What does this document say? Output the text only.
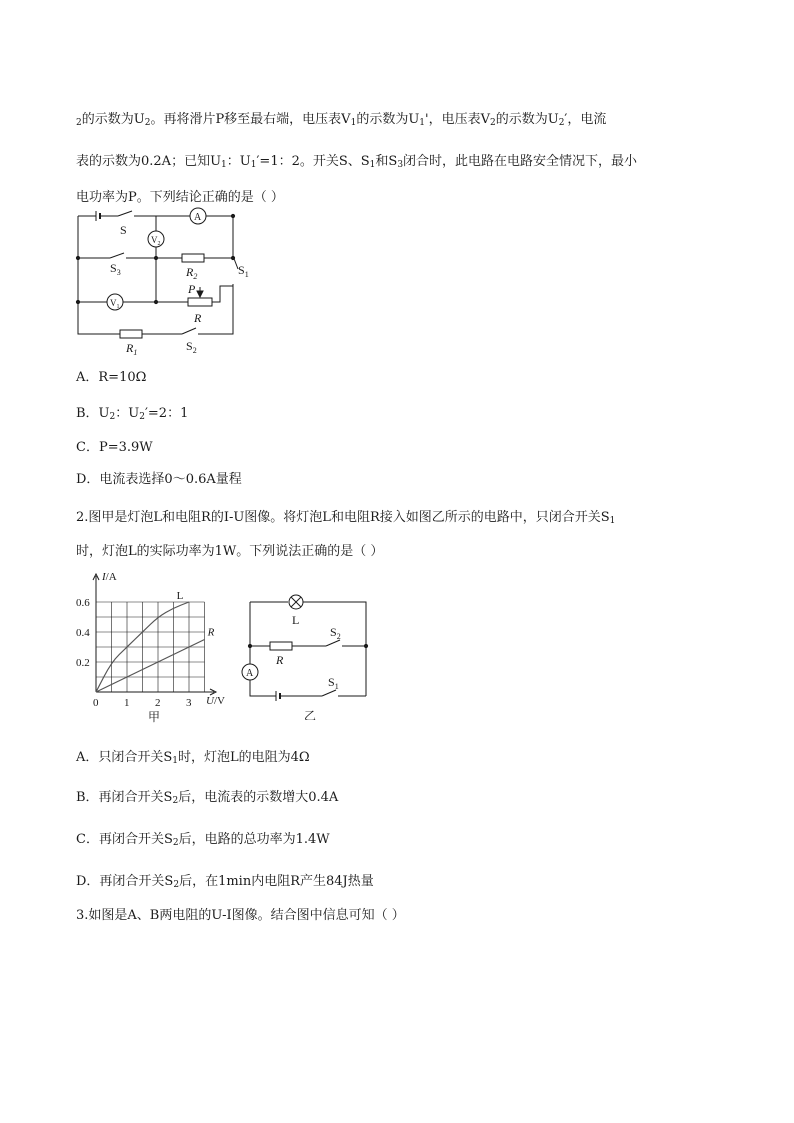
$_2$的示数为$U_2$。再将滑片P移至最右端，电压表$V_1$的示数为$U_1'$，电压表$V_2$的示数为$U_2'$，电流
表的示数为0.2A；已知$U_1$：$U_1'=1$：2。开关S、$S_1$和$S_3$闭合时，此电路在电路安全情况下，最小
电功率为P。下列结论正确的是（ ）
S
A
$V_2$
$S_3$	$R_2$	$S_1$
$V_1$
P
R
$R_1$	$S_2$
A．R=10Ω
B．$U_2$：$U_2'=2$：1
C．P=3.9W
D．电流表选择0～0.6A量程
2.图甲是灯泡L和电阻R的I-U图像。将灯泡L和电阻R接入如图乙所示的电路中，只闭合开关$S_1$
时，灯泡L的实际功率为1W。下列说法正确的是（ ）
L
R
0.6
0.4
0.2
0 1 2 3
I/A
U/V
甲
L
R
A
$S_2$
$S_1$
乙
A．只闭合开关$S_1$时，灯泡L的电阻为4Ω
B．再闭合开关$S_2$后，电流表的示数增大0.4A
C．再闭合开关$S_2$后，电路的总功率为1.4W
D．再闭合开关$S_2$后，在1min内电阻R产生84J热量
3.如图是A、B两电阻的U-I图像。结合图中信息可知（ ）
